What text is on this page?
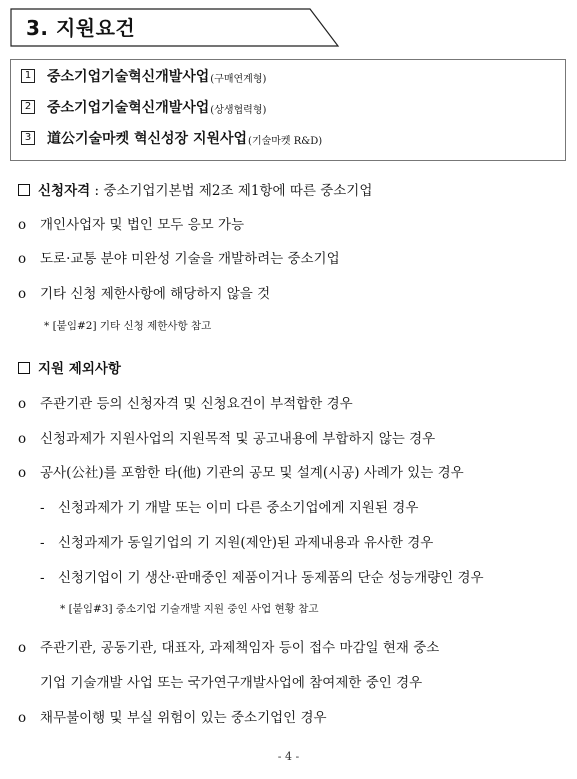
3. 지원요건
1 중소기업기술혁신개발사업 (구매연계형)
2 중소기업기술혁신개발사업 (상생협력형)
3 道公기술마켓 혁신성장 지원사업 (기술마켓 R&D)
신청자격 : 중소기업기본법 제2조 제1항에 따른 중소기업
o 개인사업자 및 법인 모두 응모 가능
o 도로·교통 분야 미완성 기술을 개발하려는 중소기업
o 기타 신청 제한사항에 해당하지 않을 것
* [붙임#2] 기타 신청 제한사항 참고
지원 제외사항
o 주관기관 등의 신청자격 및 신청요건이 부적합한 경우
o 신청과제가 지원사업의 지원목적 및 공고내용에 부합하지 않는 경우
o 공사(公社)를 포함한 타(他) 기관의 공모 및 설계(시공) 사례가 있는 경우
- 신청과제가 기 개발 또는 이미 다른 중소기업에게 지원된 경우
- 신청과제가 동일기업의 기 지원(제안)된 과제내용과 유사한 경우
- 신청기업이 기 생산·판매중인 제품이거나 동제품의 단순 성능개량인 경우
* [붙임#3] 중소기업 기술개발 지원 중인 사업 현황 참고
o 주관기관, 공동기관, 대표자, 과제책임자 등이 접수 마감일 현재 중소
기업 기술개발 사업 또는 국가연구개발사업에 참여제한 중인 경우
o 채무불이행 및 부실 위험이 있는 중소기업인 경우
- 4 -
